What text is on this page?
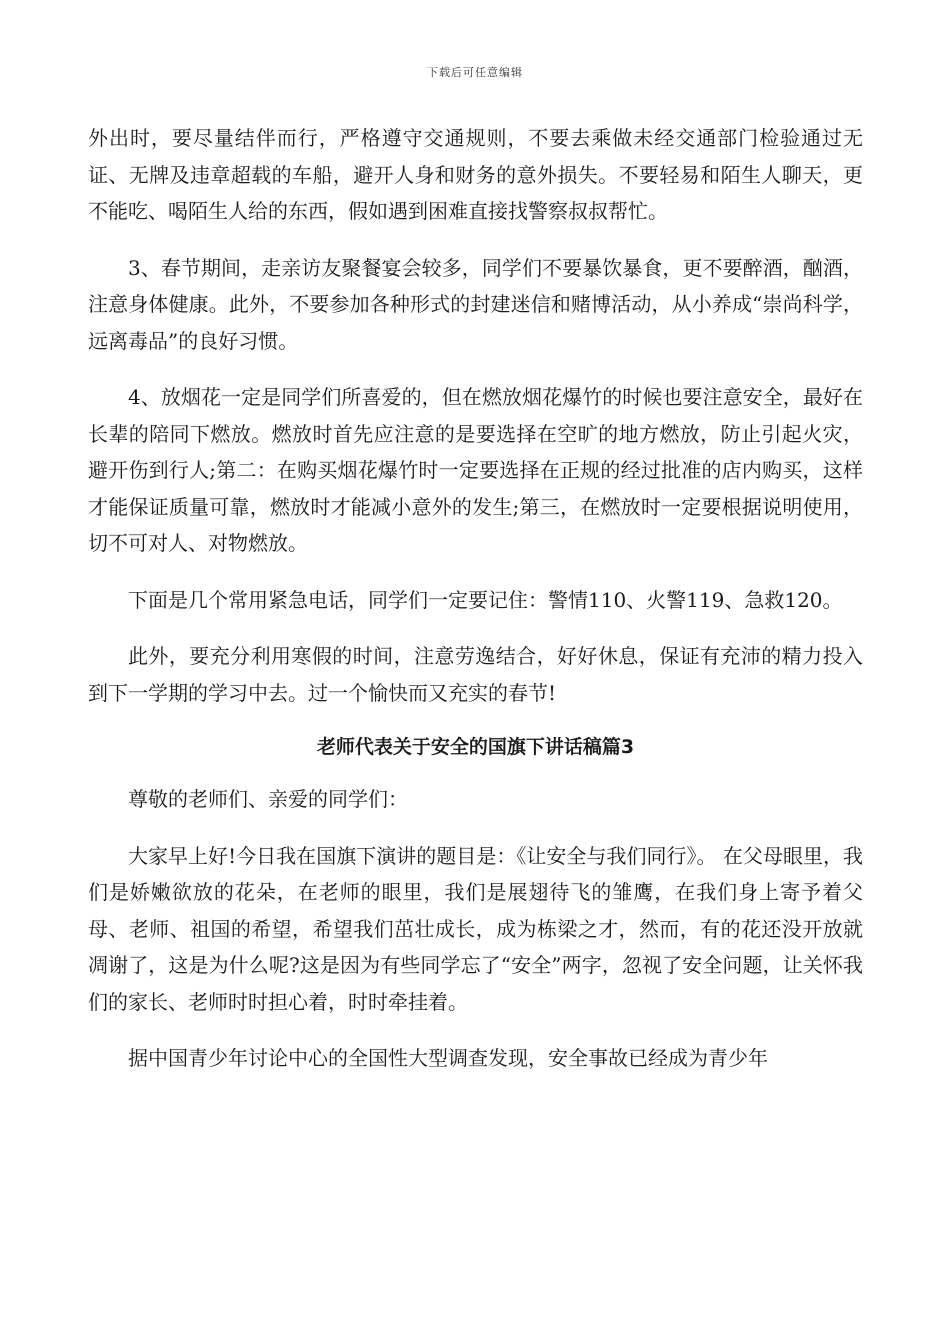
下载后可任意编辑

外出时，要尽量结伴而行，严格遵守交通规则，不要去乘做未经交通部门检验通过无证、无牌及违章超载的车船，避开人身和财务的意外损失。不要轻易和陌生人聊天，更不能吃、喝陌生人给的东西，假如遇到困难直接找警察叔叔帮忙。

3、春节期间，走亲访友聚餐宴会较多，同学们不要暴饮暴食，更不要醉酒，酗酒，注意身体健康。此外，不要参加各种形式的封建迷信和赌博活动，从小养成“崇尚科学，远离毒品”的良好习惯。

4、放烟花一定是同学们所喜爱的，但在燃放烟花爆竹的时候也要注意安全，最好在长辈的陪同下燃放。燃放时首先应注意的是要选择在空旷的地方燃放，防止引起火灾，避开伤到行人;第二：在购买烟花爆竹时一定要选择在正规的经过批准的店内购买，这样才能保证质量可靠，燃放时才能减小意外的发生;第三，在燃放时一定要根据说明使用，切不可对人、对物燃放。

下面是几个常用紧急电话，同学们一定要记住：警情110、火警119、急救120。

此外，要充分利用寒假的时间，注意劳逸结合，好好休息，保证有充沛的精力投入到下一学期的学习中去。过一个愉快而又充实的春节!

老师代表关于安全的国旗下讲话稿篇3

尊敬的老师们、亲爱的同学们：

大家早上好!今日我在国旗下演讲的题目是：《让安全与我们同行》。 在父母眼里，我们是娇嫩欲放的花朵，在老师的眼里，我们是展翅待飞的雏鹰，在我们身上寄予着父母、老师、祖国的希望，希望我们茁壮成长，成为栋梁之才，然而，有的花还没开放就凋谢了，这是为什么呢?这是因为有些同学忘了“安全”两字，忽视了安全问题，让关怀我们的家长、老师时时担心着，时时牵挂着。

据中国青少年讨论中心的全国性大型调查发现，安全事故已经成为青少年
